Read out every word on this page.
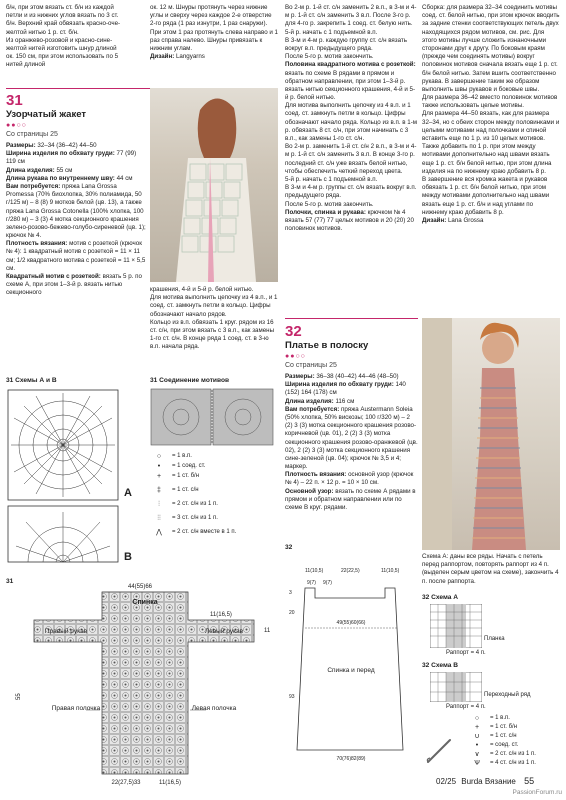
б/н, при этом вязать ст. б/н из каждой петли и из нижних углов вязать по 3 ст. б/н. Верхний край обвязать красно-оче-желтой нитью 1 р. ст. б/н.
Из оранжево-розовой и красно-сине-желтой нитей изготовить шнур длиной ок. 150 см, при этом использовать по 5 нитей длиной

ок. 12 м. Шнуры протянуть через нижние углы и сверху через каждое 2-е отверстие 2-го ряда (1 раз изнутри, 1 раз снаружи). При этом 1 раз протянуть слева направо и 1 раз справа налево. Шнуры привязать к нижним углам.

Дизайн: Langyarns

31
Узорчатый жакет
●●○○
Со страницы 25

Размеры: 32–34 (36–42) 44–50

Ширина изделия по обхвату груди: 77 (99) 119 см

Длина изделия: 55 см

Длина рукава по внутреннему шву: 44 см

Вам потребуется: пряжа Lana Grossa Promessa (70% биохлопка, 30% полиамида, 50 г/125 м) – 8 (8) 9 мотков белой (цв. 13), а также пряжа Lana Grossa Cotonella (100% хлопка, 100 г/280 м) – 3 (3) 4 мотка секционного крашения зелено-розово-бежево-голубо-сиреневой (цв. 1); крючок № 4.

Плотность вязания: мотив с розеткой (крючок № 4): 1 квадратный мотив с розеткой = 11 × 11 см; 1/2 квадратного мотива с розеткой = 11 × 5,5 см.

Квадратный мотив с розеткой: вязать 5 р. по схеме А, при этом 1–3-й р. вязать нитью секционного	крашения, 4-й и 5-й р. белой нитью.
Для мотива выполнить цепочку из 4 в.п., и 1 соед. ст. замкнуть петли в кольцо. Цифры обозначают начало рядов.
Кольцо из в.п. обвязать 1 круг. рядом из 16 ст. с/н, при этом вязать с 3 в.п., как замены 1-го ст. с/н. В конце ряда 1 соед. ст. в 3-ю в.п. начала ряда.

Во 2-м р. 1-й ст. с/н заменить 2 в.п., в 3-м и 4-м р. 1-й ст. с/н заменить 3 в.п. После 3-го р. для 4-го р. закрепить 1 соед. ст. белую нить.
5-й р. начать с 1 подъемной в.п.
В 3-м и 4-м р. каждую группу ст. с/н вязать вокруг в.п. предыдущего ряда.
После 5-го р. мотив закончить.

Половина квадратного мотива с розеткой:

вязать по схеме В рядами в прямом и обратном направлении, при этом 1–3-й р. вязать нитью секционного крашения, 4-й и 5-й р. белой нитью.
Для мотива выполнить цепочку из 4 в.п. и 1 соед. ст. замкнуть петли в кольцо. Цифры обозначают начало ряда. Кольцо из в.п. в 1-м р. обвязать 8 ст. с/н, при этом начинать с 3 в.п., как замены 1-го ст. с/н.
Во 2-м р. заменить 1-й ст. с/н 2 в.п., в 3-м и 4-м р. 1-й ст. с/н заменить 3 в.п. В конце 3-го р. последний ст. с/н уже вязать белой нитью, чтобы обеспечить четкий переход цвета.
5-й р. начать с 1 подъемной в.п.
В 3-м и 4-м р. группы ст. с/н вязать вокруг в.п. предыдущего ряда.
После 5-го р. мотив закончить.

Полочки, спинка и рукава: крючком № 4 вязать 57 (77) 77 целых мотивов и 20 (20) 20 половинок мотивов.

Сборка: для размера 32–34 соединить мотивы соед. ст. белой нитью, при этом крючок вводить за задние стенки соответствующих петель двух находящихся рядом мотивов, см. рис. Для этого мотивы лучше сложить изнаночными сторонами друг к другу. По боковым краям (прежде чем соединять мотивы) вокруг половинок мотивов сначала вязать еще 1 р. ст. б/н белой нитью. Затем вшить соответственно рукава. В завершение таким же образом выполнить швы рукавов и боковые швы.
Для размера 36–42 вместо половинок мотивов также использовать целые мотивы.
Для размера 44–50 вязать, как для размера 32–34, но с обеих сторон между половинками и целыми мотивами над полочками и спиной вставить еще по 1 р. из 10 целых мотивов. Также добавить по 1 р. при этом между мотивами дополнительно над швами вязать еще 1 р. ст. б/н белой нитью, при этом длина изделия на по нижнему краю добавить 8 р.
В завершение вся кромка жакета и рукавов обвязать 1 р. ст. б/н белой нитью, при этом между мотивами дополнительно над швами вязать еще 1 р. ст. б/н и над углами по нижнему краю добавить 8 р.

Дизайн: Lana Grossa

32
Платье в полоску
●●○○
Со страницы 25

Размеры: 36–38 (40–42) 44–46 (48–50)

Ширина изделия по обхвату груди: 140 (152) 164 (178) см

Длина изделия: 116 см

Вам потребуется: пряжа Austermann Soleia (50% хлопка, 50% вискозы; 100 г/320 м) – 2 (2) 3 (3) мотка секционного крашения розово-коричневой (цв. 01), 2 (2) 3 (3) мотка секционного крашения розово-оранжевой (цв. 02), 2 (2) 3 (3) мотка секционного крашения сине-зеленой (цв. 04); крючок № 3,5 и 4; маркер.

Плотность вязания: основной узор (крючок № 4) – 22 п. × 12 р. = 10 × 10 см.

Основной узор: вязать по схеме А рядами в прямом и обратном направлении или по схеме В круг. рядами.

Схема А: даны все ряды. Начать с петель перед раппортом, повторять раппорт из 4 п. (выделен серым цветом на схеме), закончить 4 п. после раппорта.
31 Схемы А и В
A
B
31 Соединение мотивов
○	= 1 в.п.
•	= 1 соед. ст.
+	= 1 ст. б/н
‡	= 1 ст. с/н
⫶	= 2 ст. с/н из 1 п.
⫶⫶	= 3 ст. с/н из 1 п.
⋀	= 2 ст. с/н вместе в 1 п.
31
44(55)66
Спинка
Правый рукав	Левый рукав
Правая полочка	Левая полочка
55
11
22(27,5)33	11(16,5)
11(16,5)
32
9(7) 9(7)
11(10,5)	22(22,5)	11(10,5)
49(55)60(66)
Спинка и перед
70(76)82(89)
3
20
93
32 Схема А
Планка
Раппорт = 4 п.
32 Схема В
Переходный ряд
Раппорт = 4 п.
○	= 1 в.п.
+	= 1 ст. б/н
∪	= 1 ст. с/н
•	= соед. ст.
∨	= 2 ст. с/н из 1 п.
Ѱ	= 4 ст. с/н из 1 п.
02/25 Burda Вязание 55
PassionForum.ru
